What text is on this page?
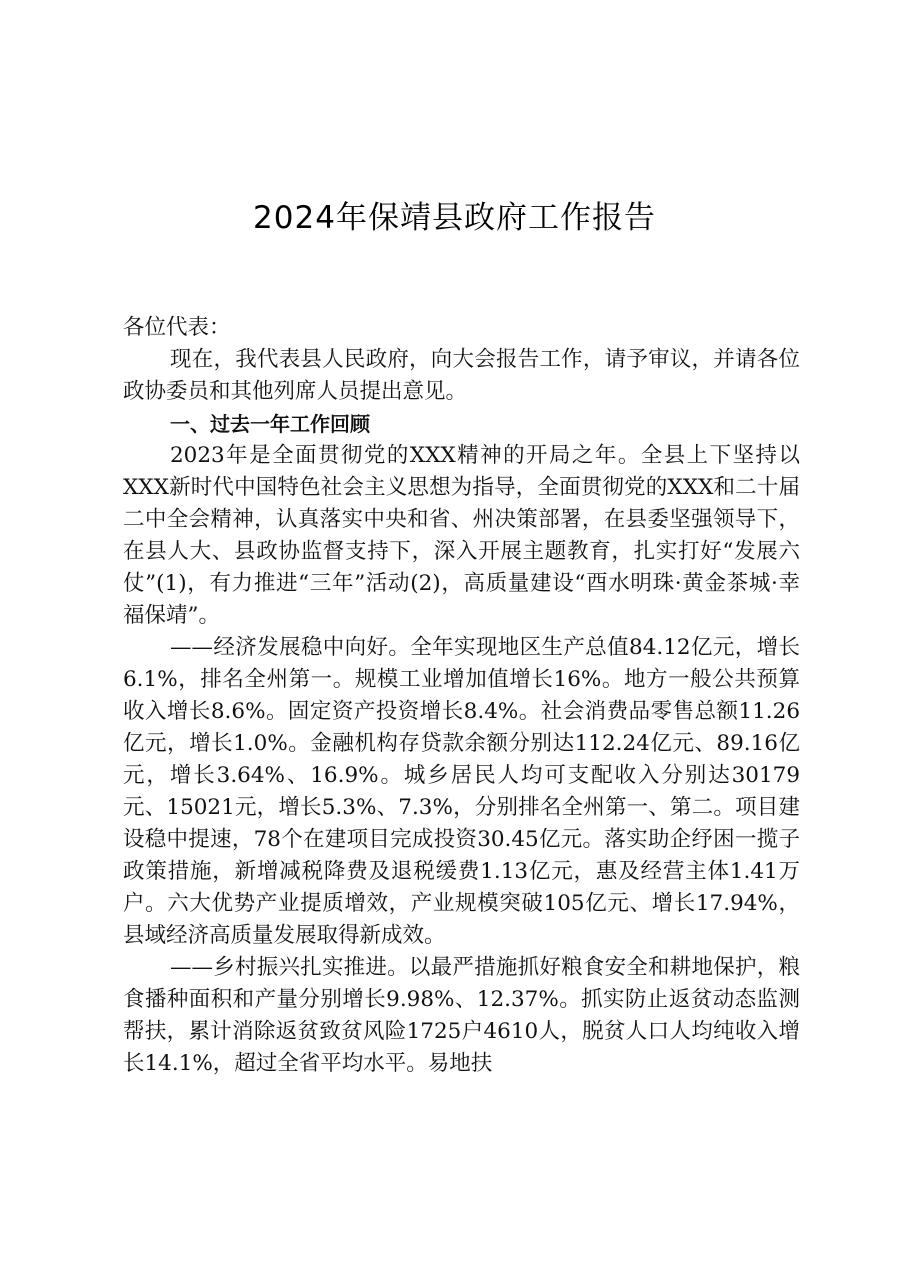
2024年保靖县政府工作报告

各位代表：

现在，我代表县人民政府，向大会报告工作，请予审议，并请各位政协委员和其他列席人员提出意见。

一、过去一年工作回顾

2023年是全面贯彻党的XXX精神的开局之年。全县上下坚持以XXX新时代中国特色社会主义思想为指导，全面贯彻党的XXX和二十届二中全会精神，认真落实中央和省、州决策部署，在县委坚强领导下，在县人大、县政协监督支持下，深入开展主题教育，扎实打好“发展六仗”(1)，有力推进“三年”活动(2)，高质量建设“酉水明珠·黄金茶城·幸福保靖”。

——经济发展稳中向好。全年实现地区生产总值84.12亿元，增长6.1%，排名全州第一。规模工业增加值增长16%。地方一般公共预算收入增长8.6%。固定资产投资增长8.4%。社会消费品零售总额11.26亿元，增长1.0%。金融机构存贷款余额分别达112.24亿元、89.16亿元，增长3.64%、16.9%。城乡居民人均可支配收入分别达30179元、15021元，增长5.3%、7.3%，分别排名全州第一、第二。项目建设稳中提速，78个在建项目完成投资30.45亿元。落实助企纾困一揽子政策措施，新增减税降费及退税缓费1.13亿元，惠及经营主体1.41万户。六大优势产业提质增效，产业规模突破105亿元、增长17.94%，县域经济高质量发展取得新成效。

——乡村振兴扎实推进。以最严措施抓好粮食安全和耕地保护，粮食播种面积和产量分别增长9.98%、12.37%。抓实防止返贫动态监测帮扶，累计消除返贫致贫风险1725户4610人，脱贫人口人均纯收入增长14.1%，超过全省平均水平。易地扶
